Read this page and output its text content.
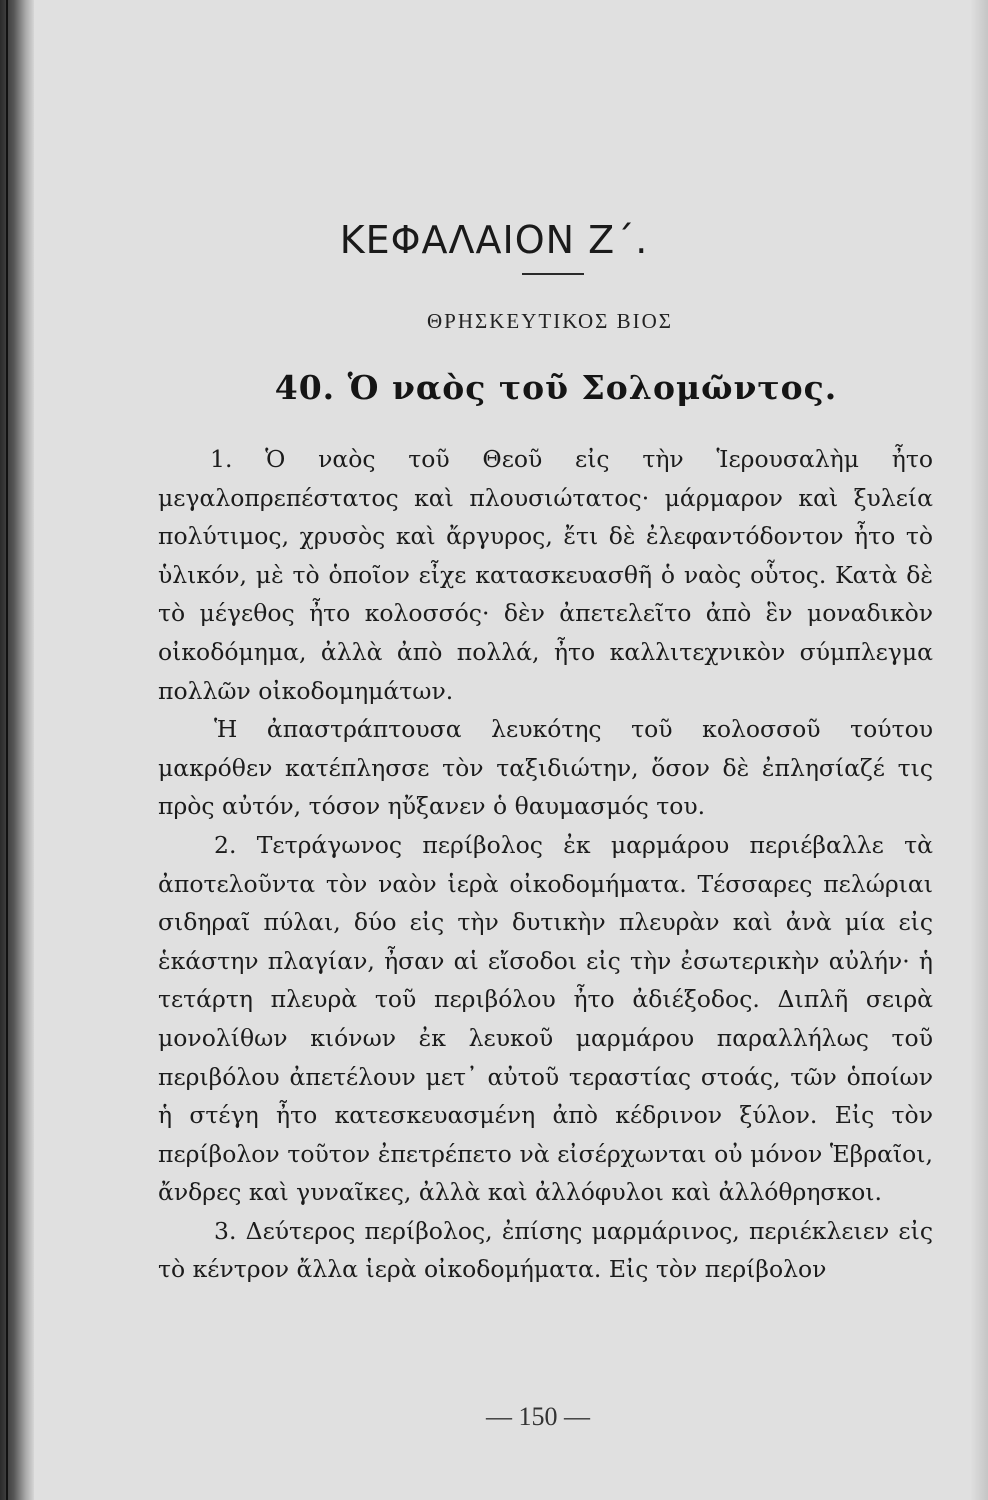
ΚΕΦΑΛΑΙΟΝ Ζ΄.
ΘΡΗΣΚΕΥΤΙΚΟΣ ΒΙΟΣ
40. Ὁ ναὸς τοῦ Σολομῶντος.

1. Ὁ ναὸς τοῦ Θεοῦ εἰς τὴν Ἱερουσαλὴμ ἦτο μεγαλοπρεπέστατος καὶ πλουσιώτατος· μάρμαρον καὶ ξυλεία πολύτιμος, χρυσὸς καὶ ἄργυρος, ἔτι δὲ ἐλεφαντόδοντον ἦτο τὸ ὑλικόν, μὲ τὸ ὁποῖον εἶχε κατασκευασθῆ ὁ ναὸς οὗτος. Κατὰ δὲ τὸ μέγεθος ἦτο κολοσσός· δὲν ἀπετελεῖτο ἀπὸ ἓν μοναδικὸν οἰκοδόμημα, ἀλλὰ ἀπὸ πολλά, ἦτο καλλιτεχνικὸν σύμπλεγμα πολλῶν οἰκοδομημάτων.

Ἡ ἀπαστράπτουσα λευκότης τοῦ κολοσσοῦ τούτου μακρόθεν κατέπλησσε τὸν ταξιδιώτην, ὅσον δὲ ἐπλησίαζέ τις πρὸς αὐτόν, τόσον ηὔξανεν ὁ θαυμασμός του.

2. Τετράγωνος περίβολος ἐκ μαρμάρου περιέβαλλε τὰ ἀποτελοῦντα τὸν ναὸν ἱερὰ οἰκοδομήματα. Τέσσαρες πελώριαι σιδηραῖ πύλαι, δύο εἰς τὴν δυτικὴν πλευρὰν καὶ ἀνὰ μία εἰς ἑκάστην πλαγίαν, ἦσαν αἱ εἴσοδοι εἰς τὴν ἐσωτερικὴν αὐλήν· ἡ τετάρτη πλευρὰ τοῦ περιβόλου ἦτο ἀδιέξοδος. Διπλῆ σειρὰ μονολίθων κιόνων ἐκ λευκοῦ μαρμάρου παραλλήλως τοῦ περιβόλου ἀπετέλουν μετ᾽ αὐτοῦ τεραστίας στοάς, τῶν ὁποίων ἡ στέγη ἦτο κατεσκευασμένη ἀπὸ κέδρινον ξύλον. Εἰς τὸν περίβολον τοῦτον ἐπετρέπετο νὰ εἰσέρχωνται οὐ μόνον Ἑβραῖοι, ἄνδρες καὶ γυναῖκες, ἀλλὰ καὶ ἀλλόφυλοι καὶ ἀλλόθρησκοι.

3. Δεύτερος περίβολος, ἐπίσης μαρμάρινος, περιέκλειεν εἰς τὸ κέντρον ἄλλα ἱερὰ οἰκοδομήματα. Εἰς τὸν περίβολον

— 150 —
